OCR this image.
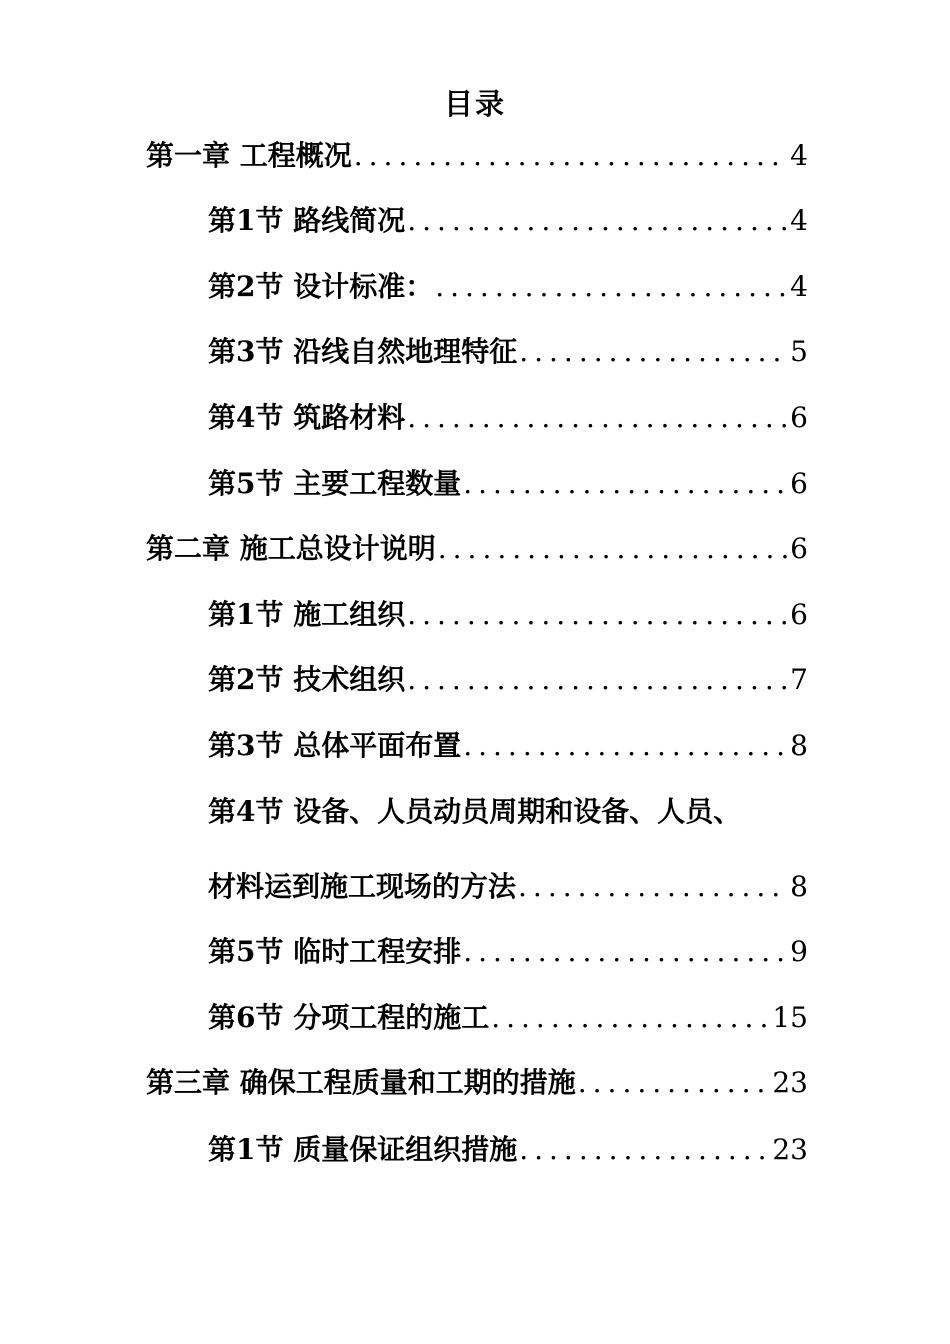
目录
第一章 工程概况 .....	4
第1节 路线简况 .....	4
第2节 设计标准： .....	4
第3节 沿线自然地理特征 .....	5
第4节 筑路材料 .....	6
第5节 主要工程数量 .....	6
第二章 施工总设计说明 .....	6
第1节 施工组织 .....	6
第2节 技术组织 .....	7
第3节 总体平面布置 .....	8
第4节 设备、人员动员周期和设备、人员、
材料运到施工现场的方法 .....	8
第5节 临时工程安排 .....	9
第6节 分项工程的施工 .....	15
第三章 确保工程质量和工期的措施 .....	23
第1节 质量保证组织措施 .....	23
